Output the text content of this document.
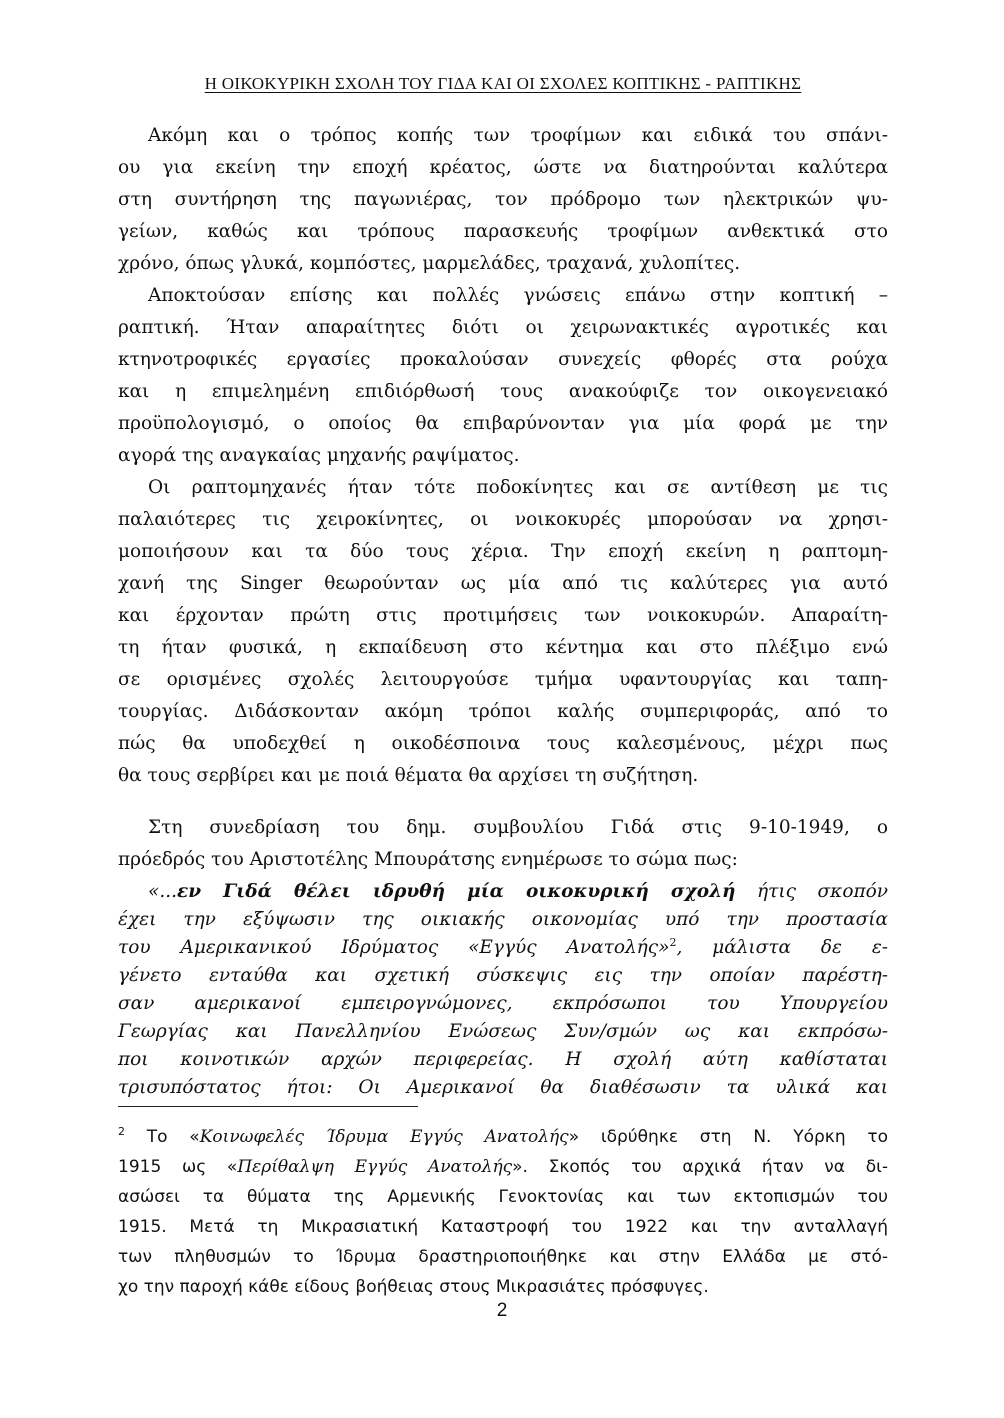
Η ΟΙΚΟΚΥΡΙΚΗ ΣΧΟΛΗ ΤΟΥ ΓΙΔΑ ΚΑΙ ΟΙ ΣΧΟΛΕΣ ΚΟΠΤΙΚΗΣ - ΡΑΠΤΙΚΗΣ
Ακόμη και ο τρόπος κοπής των τροφίμων και ειδικά του σπάνι-
ου για εκείνη την εποχή κρέατος, ώστε να διατηρούνται καλύτερα
στη συντήρηση της παγωνιέρας, τον πρόδρομο των ηλεκτρικών ψυ-
γείων, καθώς και τρόπους παρασκευής τροφίμων ανθεκτικά στο
χρόνο, όπως γλυκά, κομπόστες, μαρμελάδες, τραχανά, χυλοπίτες.
Αποκτούσαν επίσης και πολλές γνώσεις επάνω στην κοπτική –
ραπτική. Ήταν απαραίτητες διότι οι χειρωνακτικές αγροτικές και
κτηνοτροφικές εργασίες προκαλούσαν συνεχείς φθορές στα ρούχα
και η επιμελημένη επιδιόρθωσή τους ανακούφιζε τον οικογενειακό
προϋπολογισμό, ο οποίος θα επιβαρύνονταν για μία φορά με την
αγορά της αναγκαίας μηχανής ραψίματος.
Οι ραπτομηχανές ήταν τότε ποδοκίνητες και σε αντίθεση με τις
παλαιότερες τις χειροκίνητες, οι νοικοκυρές μπορούσαν να χρησι-
μοποιήσουν και τα δύο τους χέρια. Την εποχή εκείνη η ραπτομη-
χανή της Singer θεωρούνταν ως μία από τις καλύτερες για αυτό
και έρχονταν πρώτη στις προτιμήσεις των νοικοκυρών. Απαραίτη-
τη ήταν φυσικά, η εκπαίδευση στο κέντημα και στο πλέξιμο ενώ
σε ορισμένες σχολές λειτουργούσε τμήμα υφαντουργίας και ταπη-
τουργίας. Διδάσκονταν ακόμη τρόποι καλής συμπεριφοράς, από το
πώς θα υποδεχθεί η οικοδέσποινα τους καλεσμένους, μέχρι πως
θα τους σερβίρει και με ποιά θέματα θα αρχίσει τη συζήτηση.
Στη συνεδρίαση του δημ. συμβουλίου Γιδά στις 9-10-1949, ο
πρόεδρός του Αριστοτέλης Μπουράτσης ενημέρωσε το σώμα πως:
«...εν Γιδά θέλει ιδρυθή μία οικοκυρική σχολή ήτις σκοπόν
έχει την εξύψωσιν της οικιακής οικονομίας υπό την προστασία
του Αμερικανικού Ιδρύματος «Εγγύς Ανατολής»$^2$, μάλιστα δε ε-
γένετο ενταύθα και σχετική σύσκεψις εις την οποίαν παρέστη-
σαν αμερικανοί εμπειρογνώμονες, εκπρόσωποι του Υπουργείου
Γεωργίας και Πανελληνίου Ενώσεως Συν/σμών ως και εκπρόσω-
ποι κοινοτικών αρχών περιφερείας. Η σχολή αύτη καθίσταται
$^2$ Το «Κοινωφελές Ίδρυμα Εγγύς Ανατολής» ιδρύθηκε στη Ν. Υόρκη το
1915 ως «Περίθαλψη Εγγύς Ανατολής». Σκοπός του αρχικά ήταν να δι-
ασώσει τα θύματα της Αρμενικής Γενοκτονίας και των εκτοπισμών του
1915. Μετά τη Μικρασιατική Καταστροφή του 1922 και την ανταλλαγή
των πληθυσμών το Ίδρυμα δραστηριοποιήθηκε και στην Ελλάδα με στό-
χο την παροχή κάθε είδους βοήθειας στους Μικρασιάτες πρόσφυγες.
2
τρισυπόστατος ήτοι: Οι Αμερικανοί θα διαθέσωσιν τα υλικά και
